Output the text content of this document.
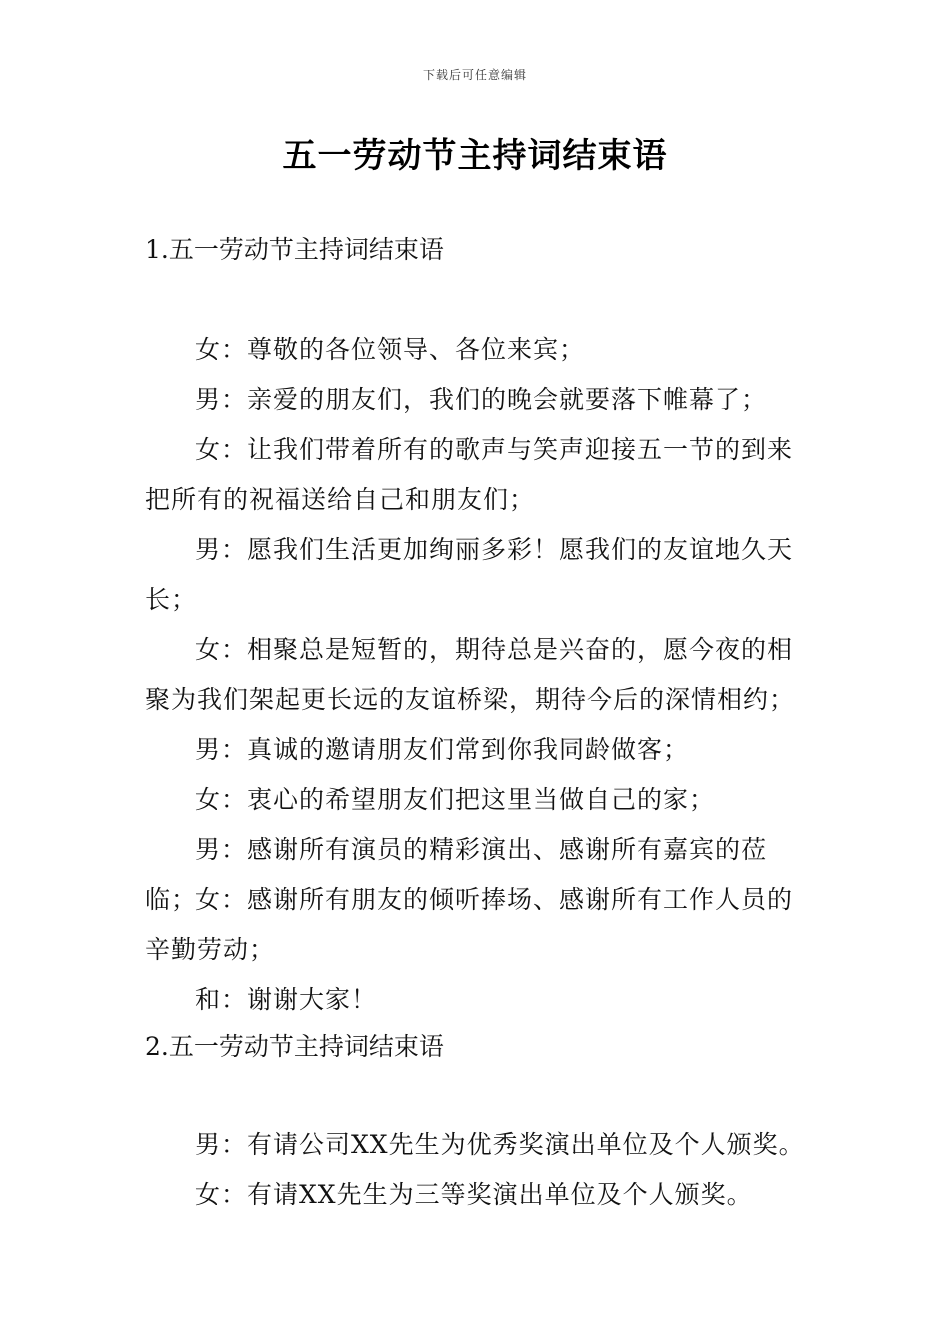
下载后可任意编辑
五一劳动节主持词结束语
1.五一劳动节主持词结束语

女：尊敬的各位领导、各位来宾；

男：亲爱的朋友们，我们的晚会就要落下帷幕了；

女：让我们带着所有的歌声与笑声迎接五一节的到来把所有的祝福送给自己和朋友们；

男：愿我们生活更加绚丽多彩！愿我们的友谊地久天长；

女：相聚总是短暂的，期待总是兴奋的，愿今夜的相聚为我们架起更长远的友谊桥梁，期待今后的深情相约；

男：真诚的邀请朋友们常到你我同龄做客；

女：衷心的希望朋友们把这里当做自己的家；

男：感谢所有演员的精彩演出、感谢所有嘉宾的莅临；

女：感谢所有朋友的倾听捧场、感谢所有工作人员的辛勤劳动；

和：谢谢大家！

2.五一劳动节主持词结束语

男：有请公司XX先生为优秀奖演出单位及个人颁奖。

女：有请XX先生为三等奖演出单位及个人颁奖。
